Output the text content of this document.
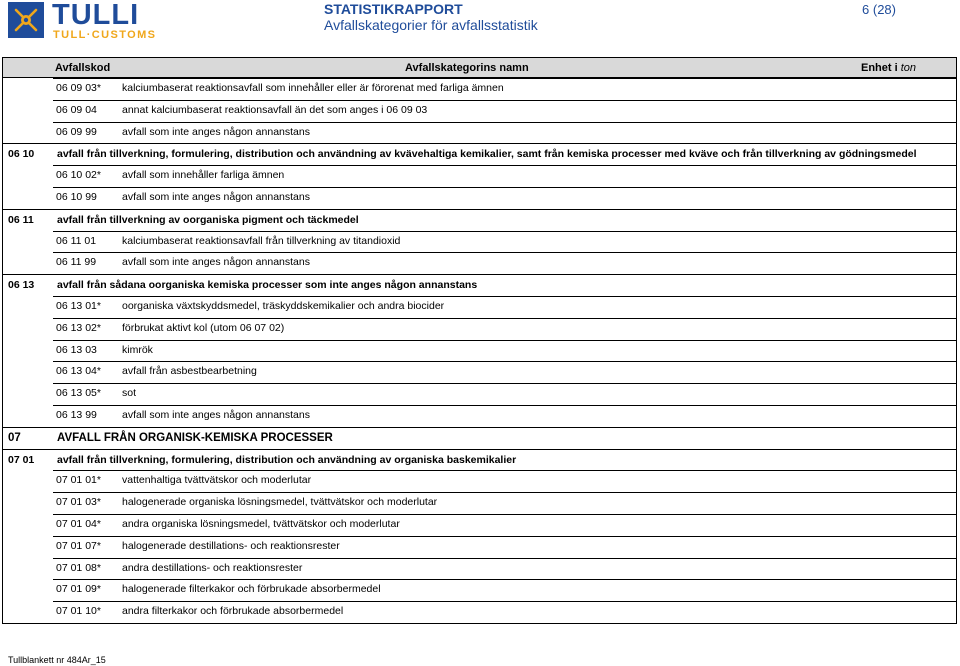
TULLI
TULL·CUSTOMS
STATISTIKRAPPORT
Avfallskategorier för avfallsstatistik
6 (28)
Avfallskod	Avfallskategorins namn	Enhet i ton
06 09 03* kalciumbaserat reaktionsavfall som innehåller eller är förorenat med farliga ämnen
06 09 04 annat kalciumbaserat reaktionsavfall än det som anges i 06 09 03
06 09 99 avfall som inte anges någon annanstans
06 10 avfall från tillverkning, formulering, distribution och användning av kvävehaltiga kemikalier, samt från kemiska processer med kväve och från tillverkning av gödningsmedel
06 10 02* avfall som innehåller farliga ämnen
06 10 99 avfall som inte anges någon annanstans
06 11 avfall från tillverkning av oorganiska pigment och täckmedel
06 11 01 kalciumbaserat reaktionsavfall från tillverkning av titandioxid
06 11 99 avfall som inte anges någon annanstans
06 13 avfall från sådana oorganiska kemiska processer som inte anges någon annanstans
06 13 01* oorganiska växtskyddsmedel, träskyddskemikalier och andra biocider
06 13 02* förbrukat aktivt kol (utom 06 07 02)
06 13 03 kimrök
06 13 04* avfall från asbestbearbetning
06 13 05* sot
06 13 99 avfall som inte anges någon annanstans
07	AVFALL FRÅN ORGANISK-KEMISKA PROCESSER
07 01 avfall från tillverkning, formulering, distribution och användning av organiska baskemikalier
07 01 01* vattenhaltiga tvättvätskor och moderlutar
07 01 03* halogenerade organiska lösningsmedel, tvättvätskor och moderlutar
07 01 04* andra organiska lösningsmedel, tvättvätskor och moderlutar
07 01 07* halogenerade destillations- och reaktionsrester
07 01 08* andra destillations- och reaktionsrester
07 01 09* halogenerade filterkakor och förbrukade absorbermedel
07 01 10* andra filterkakor och förbrukade absorbermedel
Tullblankett nr 484Ar_15
